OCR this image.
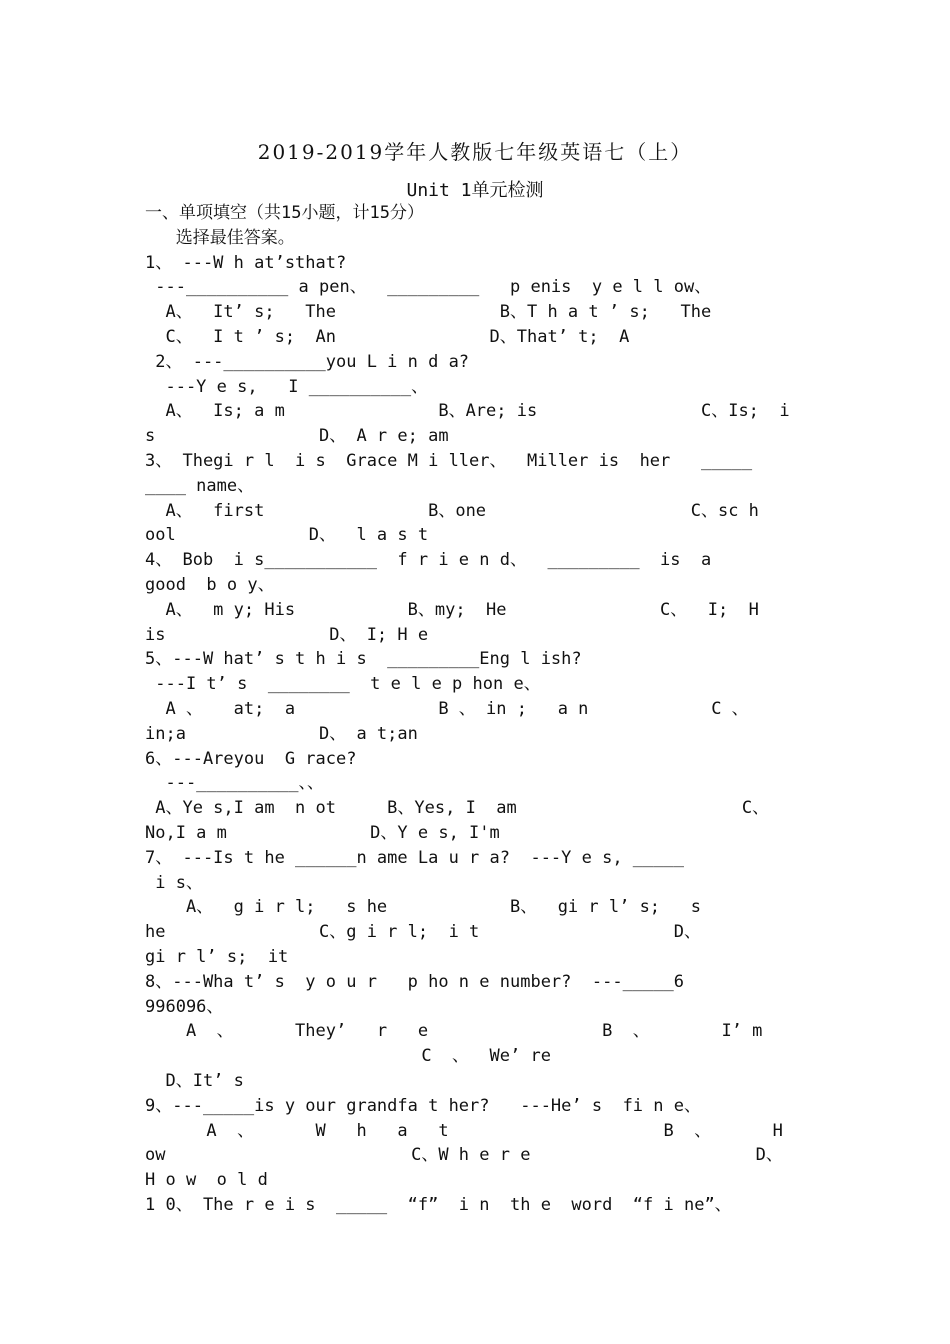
2019-2019学年人教版七年级英语七（上）
Unit 1单元检测
一、单项填空（共15小题，计15分）
选择最佳答案。
1、 ---W h at’sthat?
---__________ a pen、  _________   p enis  y e l l ow、
A、  It’ s;   The                B、T h a t ’ s;   The
C、  I t ’ s;  An               D、That’ t;  A
2、 ---__________you L i n d a?
---Y e s,   I __________、
A、  Is; a m               B、Are; is                C、Is;  i
s                D、 A r e; am
3、 Thegi r l  i s  Grace M i ller、  Miller is  her   _____
____ name、
A、  first                B、one                    C、sc h
ool             D、  l a s t
4、 Bob  i s___________  f r i e n d、  _________  is  a
good  b o y、
A、  m y; His           B、my;  He               C、  I;  H
is                D、 I; H e
5、---W hat’ s t h i s  _________Eng l ish?
---I t’ s  ________  t e l e p hon e、
A 、   at;  a              B 、 in ;   a n            C 、
in;a             D、 a t;an
6、---Areyou  G race?
---__________、、
A、Ye s,I am  n ot     B、Yes, I  am                      C、
No,I a m              D、Y e s, I'm
7、 ---Is t he ______n ame La u r a?  ---Y e s, _____
i s、
A、  g i r l;   s he            B、  gi r l’ s;   s
he               C、g i r l;  i t                   D、
gi r l’ s;  it
8、---Wha t’ s  y o u r   p ho n e number?  ---_____6
996096、
A  、      They’   r   e                 B  、       I’ m
C  、  We’ re
D、It’ s
9、---_____is y our grandfa t her?   ---He’ s  fi n e、
A  、      W   h   a   t                     B  、      H
ow                        C、W h e r e                      D、
H o w  o l d
1 0、 The r e i s  _____  “f”  i n  th e  word  “f i ne”、
